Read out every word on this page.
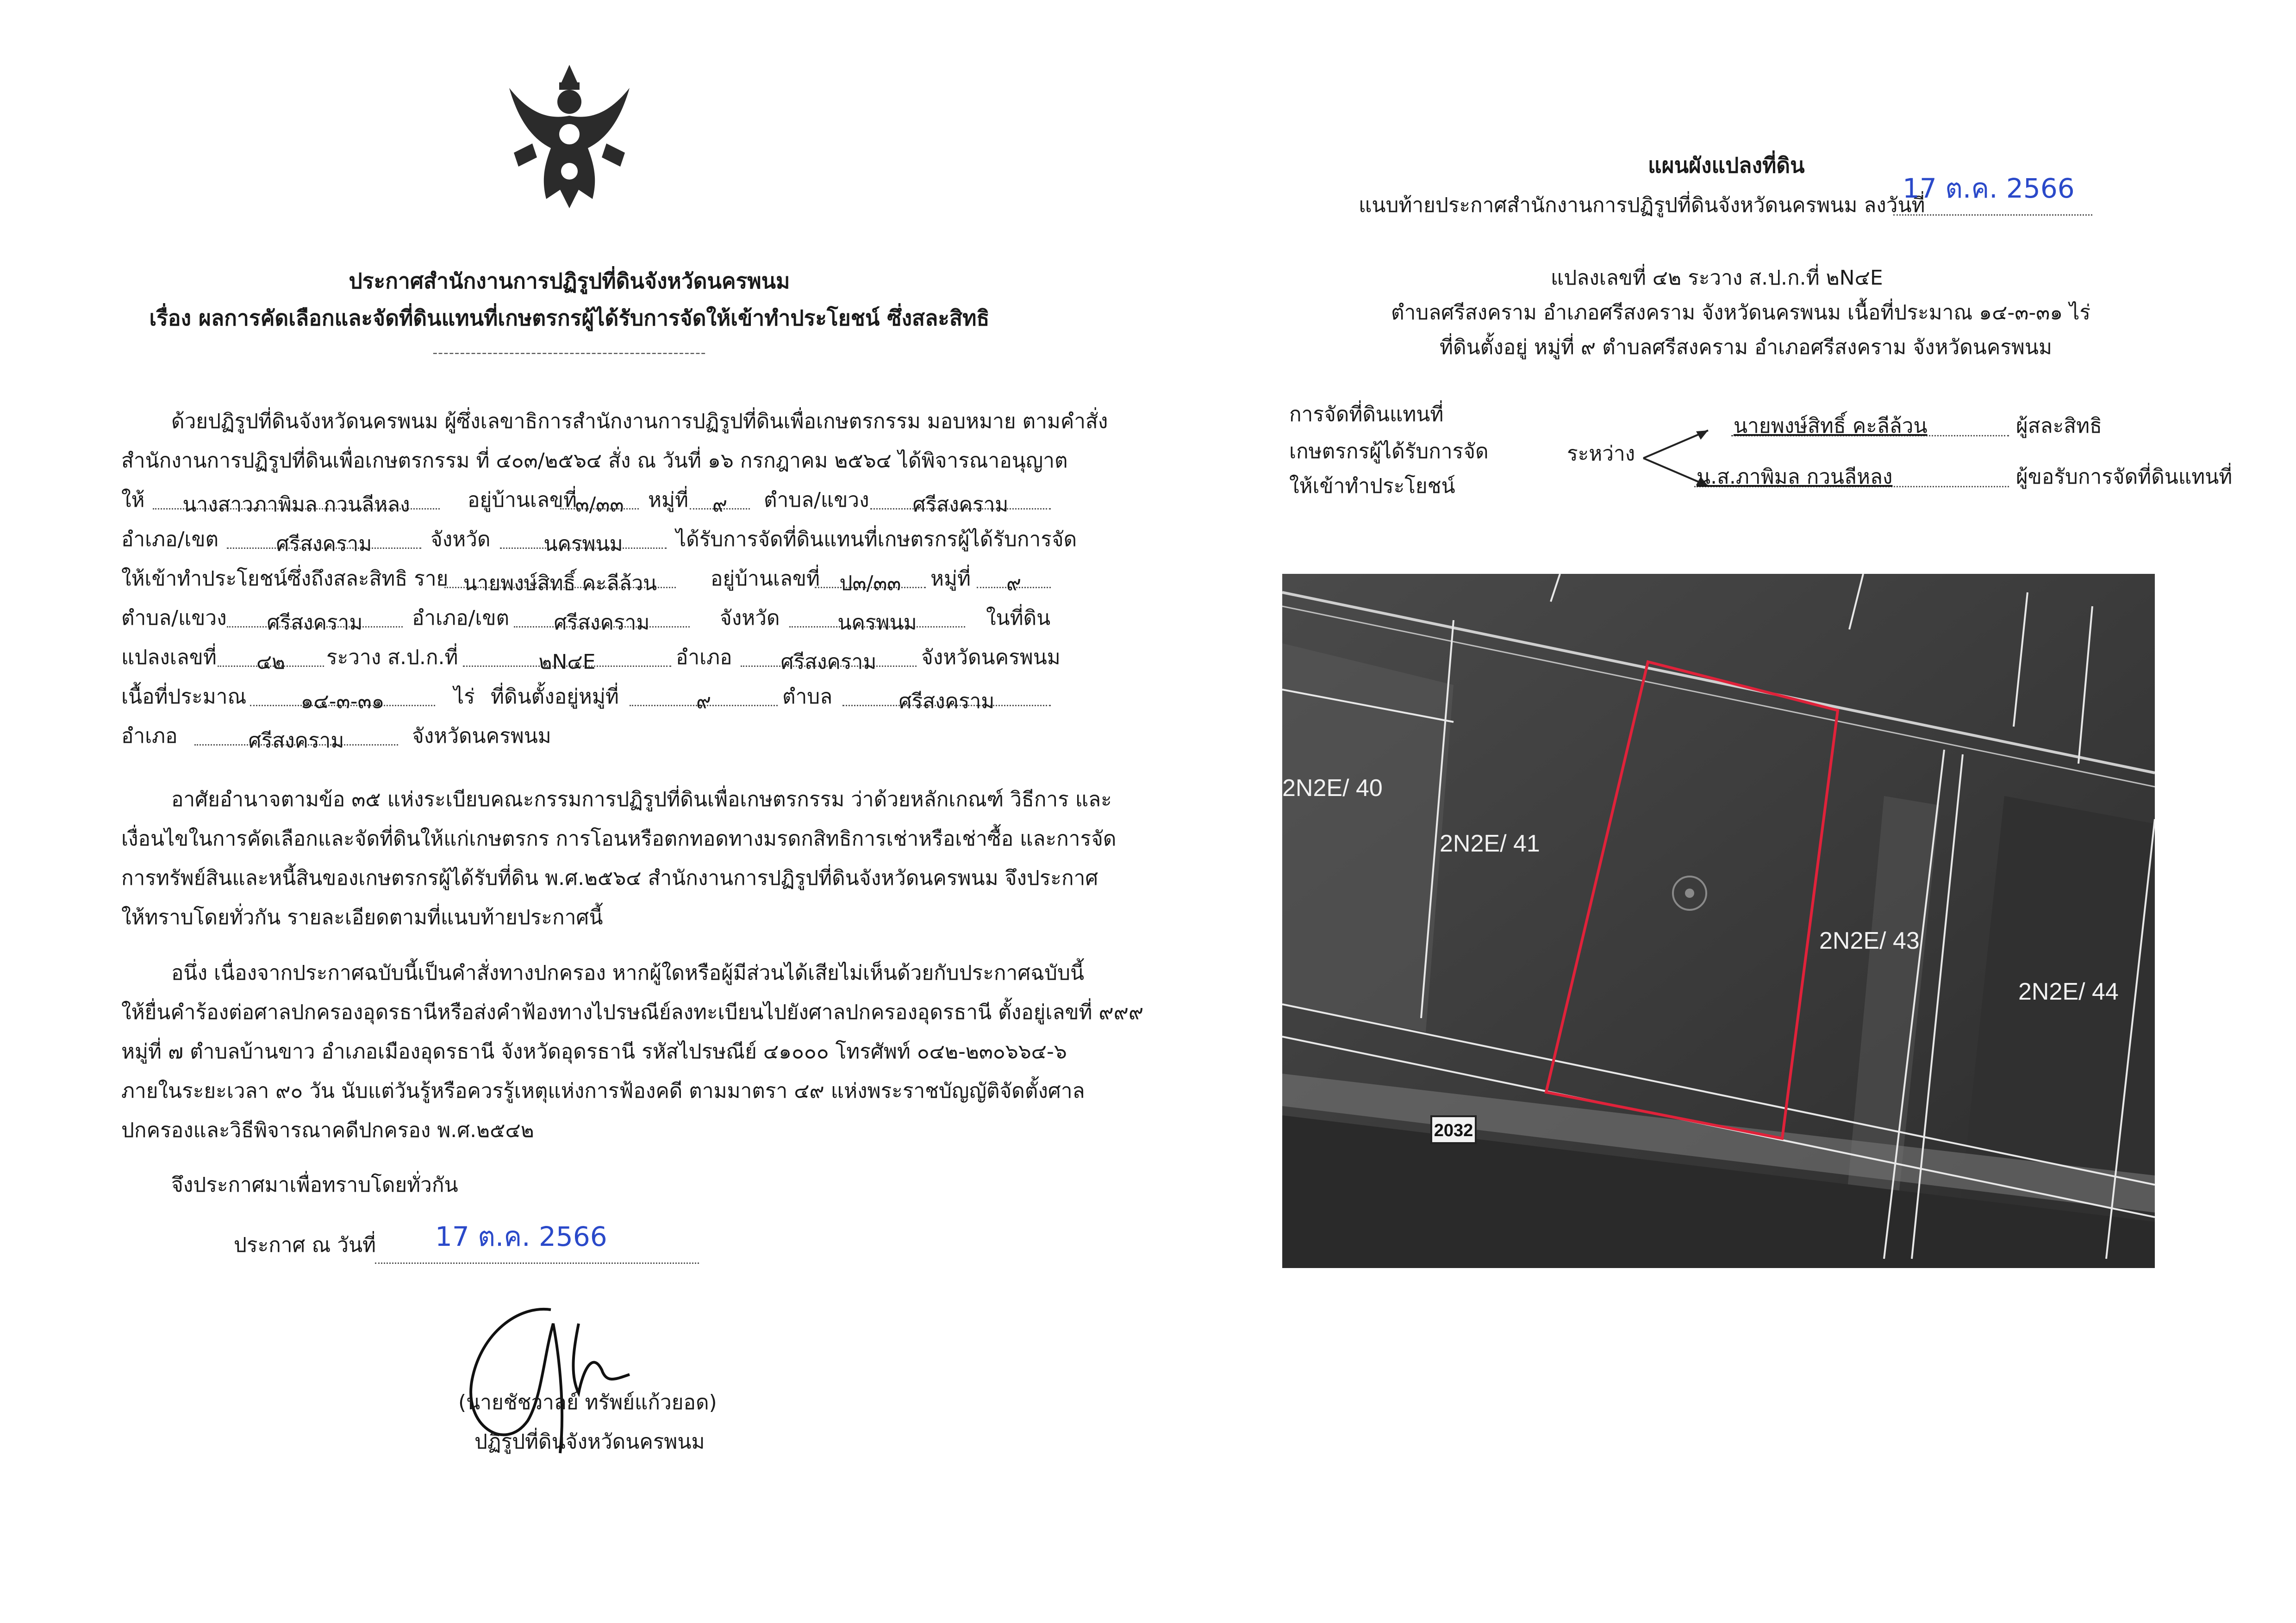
ประกาศสำนักงานการปฏิรูปที่ดินจังหวัดนครพนม
เรื่อง ผลการคัดเลือกและจัดที่ดินแทนที่เกษตรกรผู้ได้รับการจัดให้เข้าทำประโยชน์ ซึ่งสละสิทธิ
--------------------------------------------------
ด้วยปฏิรูปที่ดินจังหวัดนครพนม ผู้ซึ่งเลขาธิการสำนักงานการปฏิรูปที่ดินเพื่อเกษตรกรรม มอบหมาย ตามคำสั่ง
สำนักงานการปฏิรูปที่ดินเพื่อเกษตรกรรม ที่ ๔๐๓/๒๕๖๔ สั่ง ณ วันที่ ๑๖ กรกฎาคม ๒๕๖๔ ได้พิจารณาอนุญาต
ให้	นางสาวภาพิมล กวนลีหลง	อยู่บ้านเลขที่
๓/๓๓	หมู่ที่	๙	ตำบล/แขวง	ศรีสงคราม
อำเภอ/เขต	ศรีสงคราม	จังหวัด	นครพนม	ได้รับการจัดที่ดินแทนที่เกษตรกรผู้ได้รับการจัด
ให้เข้าทำประโยชน์ซึ่งถึงสละสิทธิ ราย นายพงษ์สิทธิ์ คะลีล้วน	อยู่บ้านเลขที่ ป๓/๓๓	หมู่ที่	๙
ตำบล/แขวง	ศรีสงคราม	อำเภอ/เขต	ศรีสงคราม	จังหวัด	นครพนม	ในที่ดิน
แปลงเลขที่	๔๒	ระวาง ส.ป.ก.ที่	๒N๔E	อำเภอ	ศรีสงคราม	จังหวัดนครพนม
เนื้อที่ประมาณ	๑๔-๓-๓๑	ไร่ ที่ดินตั้งอยู่หมู่ที่	๙	ตำบล	ศรีสงคราม
อำเภอ	ศรีสงคราม	จังหวัดนครพนม

อาศัยอำนาจตามข้อ ๓๕ แห่งระเบียบคณะกรรมการปฏิรูปที่ดินเพื่อเกษตรกรรม ว่าด้วยหลักเกณฑ์ วิธีการ และ

เงื่อนไขในการคัดเลือกและจัดที่ดินให้แก่เกษตรกร การโอนหรือตกทอดทางมรดกสิทธิการเช่าหรือเช่าซื้อ และการจัด

การทรัพย์สินและหนี้สินของเกษตรกรผู้ได้รับที่ดิน พ.ศ.๒๕๖๔ สำนักงานการปฏิรูปที่ดินจังหวัดนครพนม จึงประกาศ

ให้ทราบโดยทั่วกัน รายละเอียดตามที่แนบท้ายประกาศนี้

อนึ่ง เนื่องจากประกาศฉบับนี้เป็นคำสั่งทางปกครอง หากผู้ใดหรือผู้มีส่วนได้เสียไม่เห็นด้วยกับประกาศฉบับนี้

ให้ยื่นคำร้องต่อศาลปกครองอุดรธานีหรือส่งคำฟ้องทางไปรษณีย์ลงทะเบียนไปยังศาลปกครองอุดรธานี ตั้งอยู่เลขที่ ๙๙๙

หมู่ที่ ๗ ตำบลบ้านขาว อำเภอเมืองอุดรธานี จังหวัดอุดรธานี รหัสไปรษณีย์ ๔๑๐๐๐ โทรศัพท์ ๐๔๒-๒๓๐๖๖๔-๖

ภายในระยะเวลา ๙๐ วัน นับแต่วันรู้หรือควรรู้เหตุแห่งการฟ้องคดี ตามมาตรา ๔๙ แห่งพระราชบัญญัติจัดตั้งศาล

ปกครองและวิธีพิจารณาคดีปกครอง พ.ศ.๒๕๔๒

จึงประกาศมาเพื่อทราบโดยทั่วกัน
ประกาศ ณ วันที่ 17 ต.ค. 2566
(นายชัชวาลย์ ทรัพย์แก้วยอด)
ปฏิรูปที่ดินจังหวัดนครพนม
แผนผังแปลงที่ดิน
แนบท้ายประกาศสำนักงานการปฏิรูปที่ดินจังหวัดนครพนม ลงวันที่
17 ต.ค. 2566
แปลงเลขที่ ๔๒ ระวาง ส.ป.ก.ที่ ๒N๔E
ตำบลศรีสงคราม อำเภอศรีสงคราม จังหวัดนครพนม เนื้อที่ประมาณ ๑๔-๓-๓๑ ไร่
ที่ดินตั้งอยู่ หมู่ที่ ๙ ตำบลศรีสงคราม อำเภอศรีสงคราม จังหวัดนครพนม
การจัดที่ดินแทนที่
เกษตรกรผู้ได้รับการจัด
ให้เข้าทำประโยชน์
ระหว่าง
นายพงษ์สิทธิ์ คะลีล้วน	ผู้สละสิทธิ
น.ส.ภาพิมล กวนลีหลง	ผู้ขอรับการจัดที่ดินแทนที่
2N2E/ 40
2N2E/ 41
2N2E/ 43
2N2E/ 44
2032
